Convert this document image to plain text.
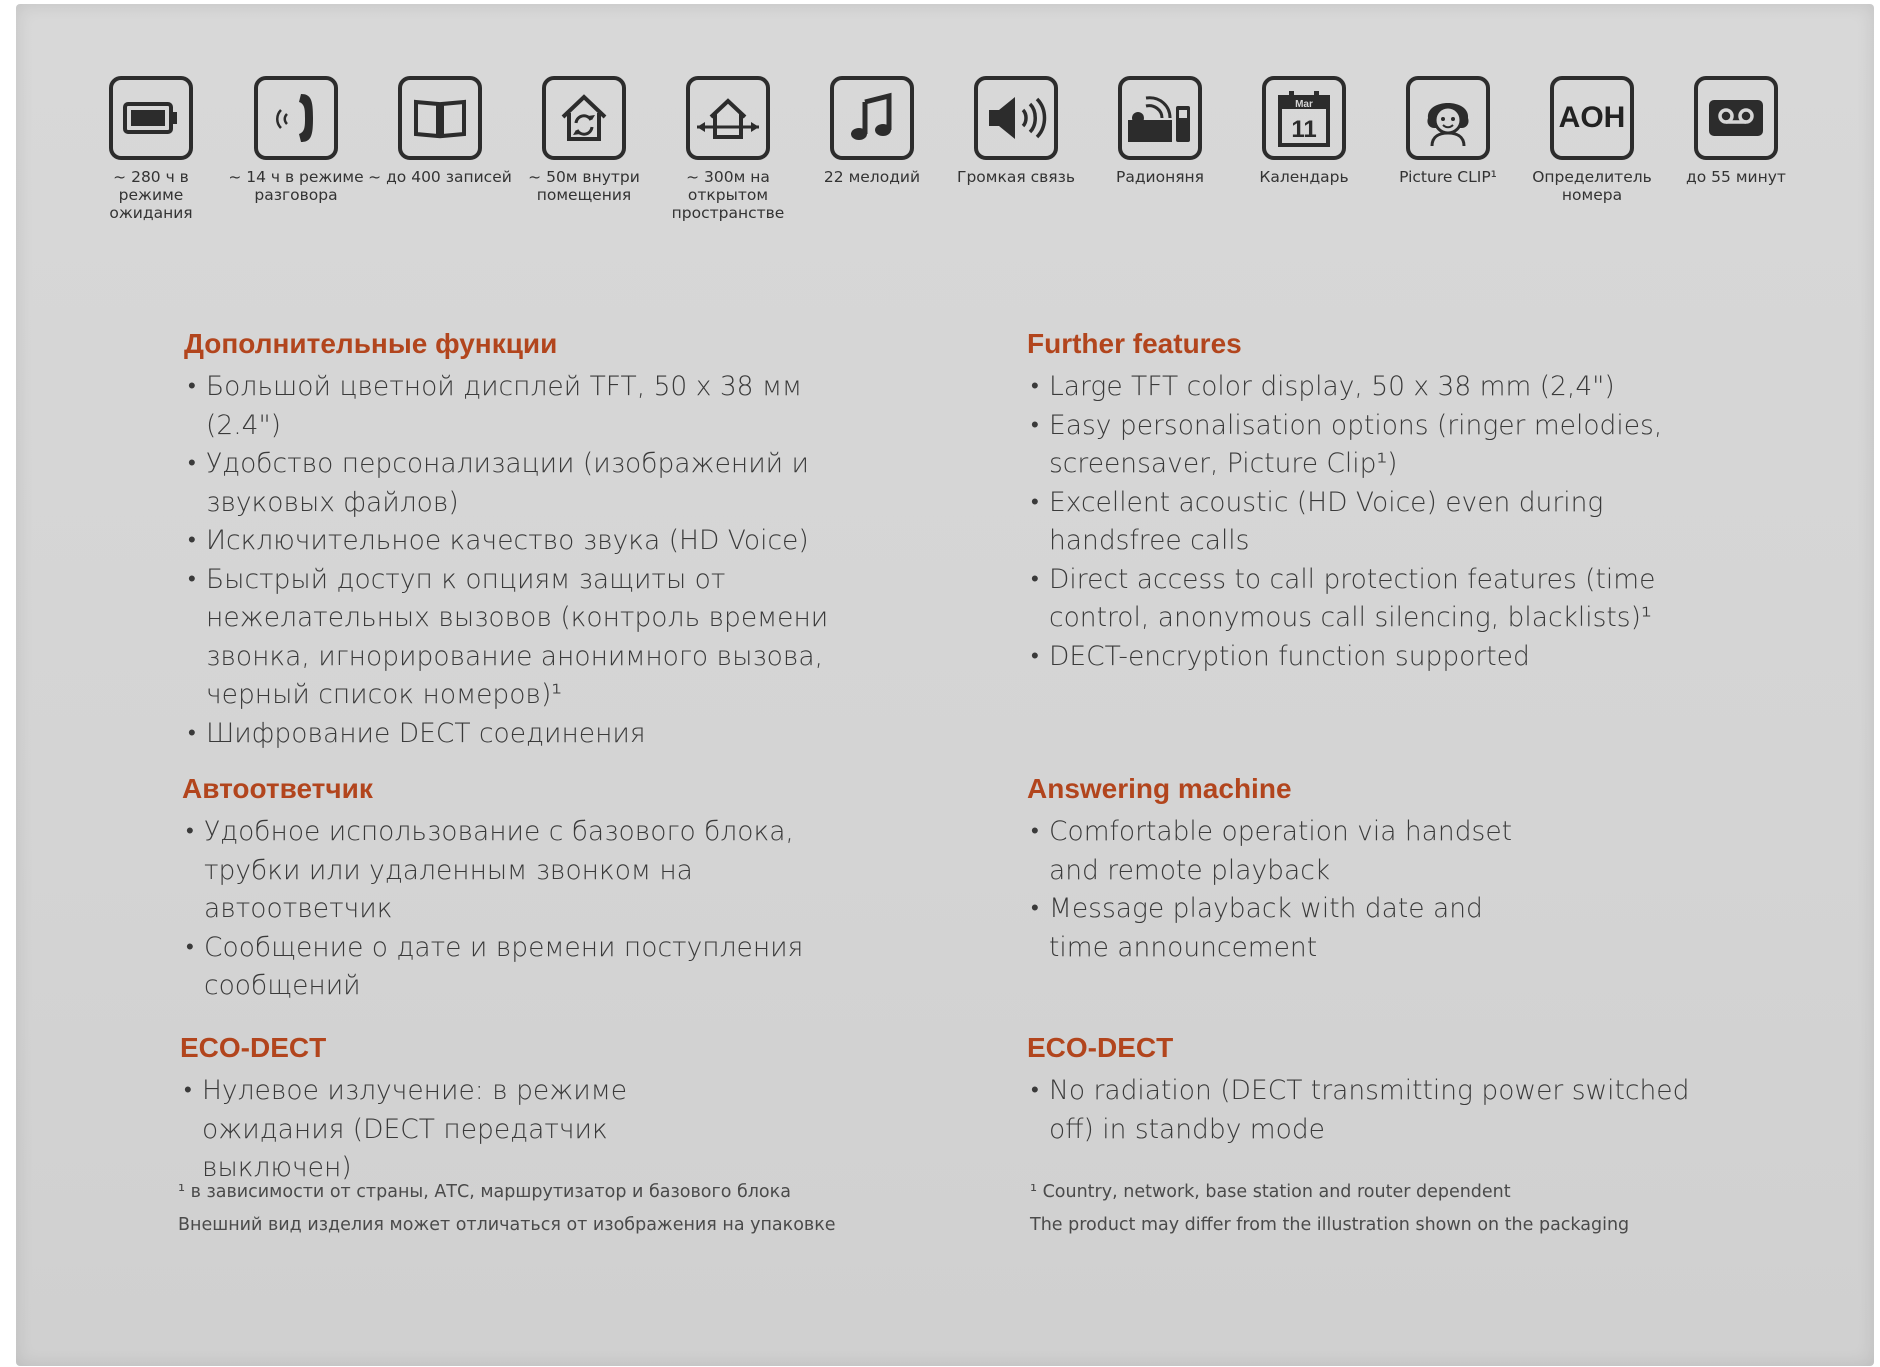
~ 280 ч в режиме
ожидания
~ 14 ч в режиме
разговора
~ до 400 записей	~ 50м внутри
помещения
~ 300м на открытом
пространстве
22 мелодий	Громкая связь	Радионяня
Mar
11
Календарь	Picture CLIP¹
AOH
Определитель
номера
до 55 минут
Дополнительные функции
• Большой цветной дисплей TFT, 50 x 38 мм (2.4")
• Удобство персонализации (изображений и звуковых файлов)
• Исключительное качество звука (HD Voice)
• Быстрый доступ к опциям защиты от нежелательных вызовов (контроль времени звонка, игнорирование анонимного вызова, черный список номеров)¹
• Шифрование DECT соединения
Автоответчик
• Удобное использование с базового блока, трубки или удаленным звонком на автоответчик
• Сообщение о дате и времени поступления сообщений
ECO-DECT
• Нулевое излучение: в режиме ожидания (DECT передатчик выключен)
¹ в зависимости от страны, АТС, маршрутизатор и базового блока
Внешний вид изделия может отличаться от изображения на упаковке
Further features
• Large TFT color display, 50 x 38 mm (2,4")
• Easy personalisation options (ringer melodies, screensaver, Picture Clip¹)
• Excellent acoustic (HD Voice) even during handsfree calls
• Direct access to call protection features (time control, anonymous call silencing, blacklists)¹
• DECT-encryption function supported
Answering machine
• Comfortable operation via handset and remote playback
• Message playback with date and time announcement
ECO-DECT
• No radiation (DECT transmitting power switched off) in standby mode
¹ Country, network, base station and router dependent
The product may differ from the illustration shown on the packaging
